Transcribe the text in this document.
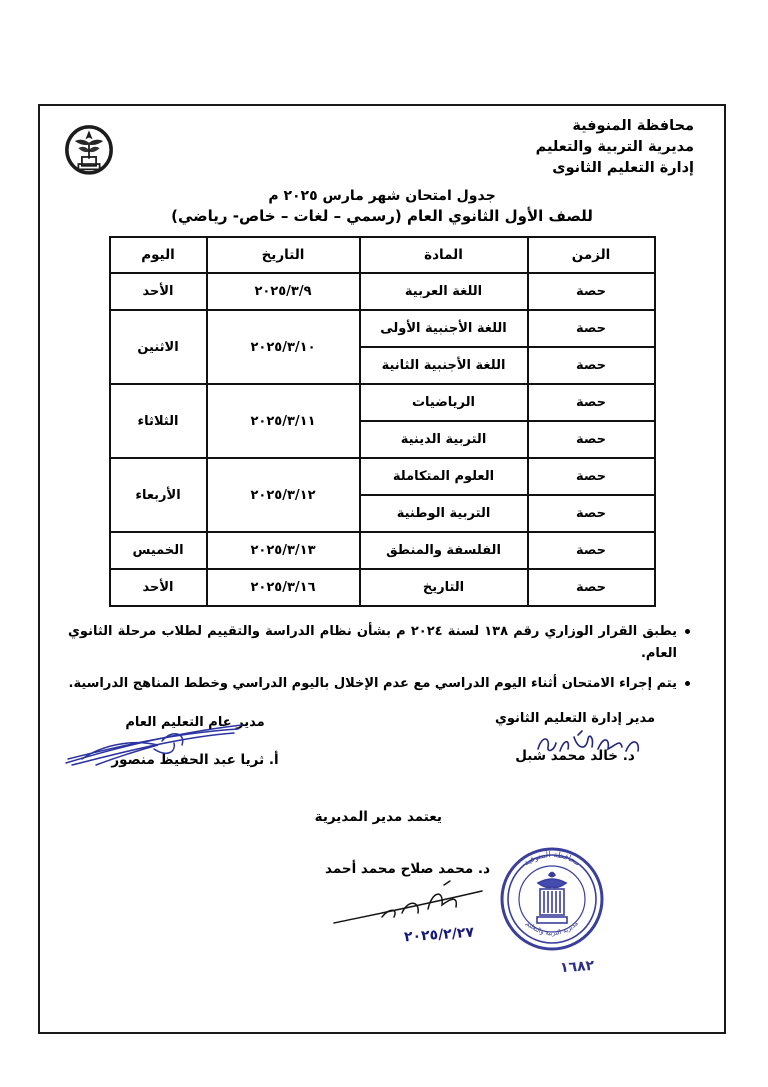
محافظة المنوفية
مديرية التربية والتعليم
إدارة التعليم الثانوى
جدول امتحان شهر مارس ٢٠٢٥ م
للصف الأول الثانوي العام (رسمي – لغات – خاص- رياضي)
الزمن	المادة	التاريخ	اليوم
حصة	اللغة العربية	٢٠٢٥/٣/٩	الأحد
حصة	اللغة الأجنبية الأولى	٢٠٢٥/٣/١٠	الاثنين
حصة	اللغة الأجنبية الثانية		
حصة	الرياضيات	٢٠٢٥/٣/١١	الثلاثاء
حصة	التربية الدينية		
حصة	العلوم المتكاملة	٢٠٢٥/٣/١٢	الأربعاء
حصة	التربية الوطنية		
حصة	الفلسفة والمنطق	٢٠٢٥/٣/١٣	الخميس
حصة	التاريخ	٢٠٢٥/٣/١٦	الأحد
يطبق القرار الوزاري رقم ١٣٨ لسنة ٢٠٢٤ م بشأن نظام الدراسة والتقييم لطلاب مرحلة الثانوي العام.
يتم إجراء الامتحان أثناء اليوم الدراسي مع عدم الإخلال باليوم الدراسي وخطط المناهج الدراسية.
مدير إدارة التعليم الثانوي
د. خالد محمد شبل
مدير عام التعليم العام
أ. ثريا عبد الحفيظ منصور
يعتمد مدير المديرية
د. محمد صلاح محمد أحمد
٢٠٢٥/٢/٢٧
محافظة المنوفية
مديرية التربية والتعليم
١٦٨٢
